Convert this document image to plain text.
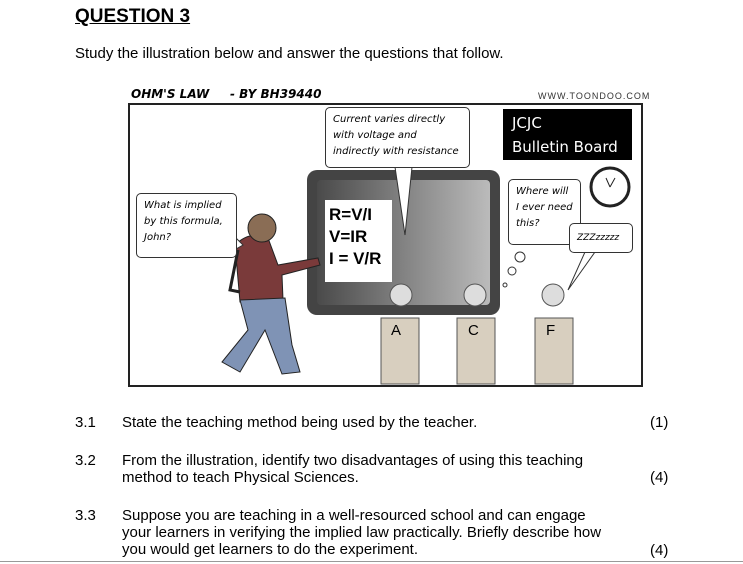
QUESTION 3
Study the illustration below and answer the questions that follow.
OHM'S LAW - BY BH39440	WWW.TOONDOO.COM
R=V/I
V=IR
I = V/R
A	C	F
What is implied by this formula, John?
Current varies directly with voltage and indirectly with resistance
Where will I ever need this?
ZZZzzzzz
JCJC
Bulletin Board
3.1 State the teaching method being used by the teacher.	(1)
3.2 From the illustration, identify two disadvantages of using this teaching
method to teach Physical Sciences.	(4)
3.3 Suppose you are teaching in a well-resourced school and can engage
your learners in verifying the implied law practically. Briefly describe how
you would get learners to do the experiment.	(4)
